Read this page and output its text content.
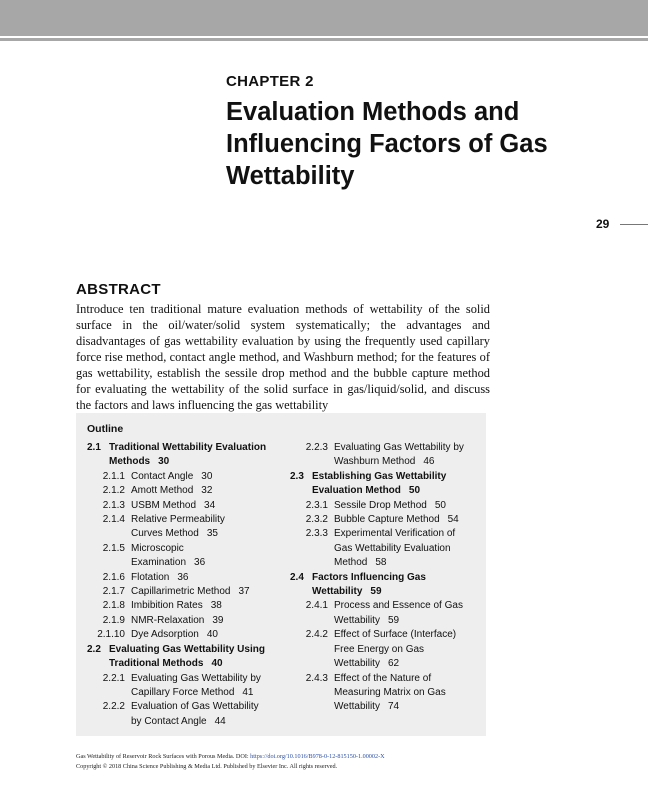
CHAPTER 2
Evaluation Methods and
Influencing Factors of Gas
Wettability
29
ABSTRACT
Introduce ten traditional mature evaluation methods of wettability of the solid surface in the oil/water/solid system systematically; the advantages and disadvantages of gas wettability evaluation by using the frequently used capillary force rise method, contact angle method, and Washburn method; for the features of gas wettability, establish the sessile drop method and the bubble capture method for evaluating the wettability of the solid surface in gas/liquid/solid, and discuss the factors and laws influencing the gas wettability
Outline
2.1 Traditional Wettability Evaluation
Methods 30
2.1.1 Contact Angle 30
2.1.2 Amott Method 32
2.1.3 USBM Method 34
2.1.4 Relative Permeability
Curves Method 35
2.1.5 Microscopic
Examination 36
2.1.6 Flotation 36
2.1.7 Capillarimetric Method 37
2.1.8 Imbibition Rates 38
2.1.9 NMR-Relaxation 39
2.1.10 Dye Adsorption 40
2.2 Evaluating Gas Wettability Using
Traditional Methods 40
2.2.1 Evaluating Gas Wettability by
Capillary Force Method 41
2.2.2 Evaluation of Gas Wettability
by Contact Angle 44
2.2.3 Evaluating Gas Wettability by
Washburn Method 46
2.3 Establishing Gas Wettability
Evaluation Method 50
2.3.1 Sessile Drop Method 50
2.3.2 Bubble Capture Method 54
2.3.3 Experimental Verification of
Gas Wettability Evaluation
Method 58
2.4 Factors Influencing Gas
Wettability 59
2.4.1 Process and Essence of Gas
Wettability 59
2.4.2 Effect of Surface (Interface)
Free Energy on Gas
Wettability 62
2.4.3 Effect of the Nature of
Measuring Matrix on Gas
Wettability 74
Gas Wettability of Reservoir Rock Surfaces with Porous Media. DOI: https://doi.org/10.1016/B978-0-12-815150-1.00002-X
Copyright © 2018 China Science Publishing & Media Ltd. Published by Elsevier Inc. All rights reserved.
